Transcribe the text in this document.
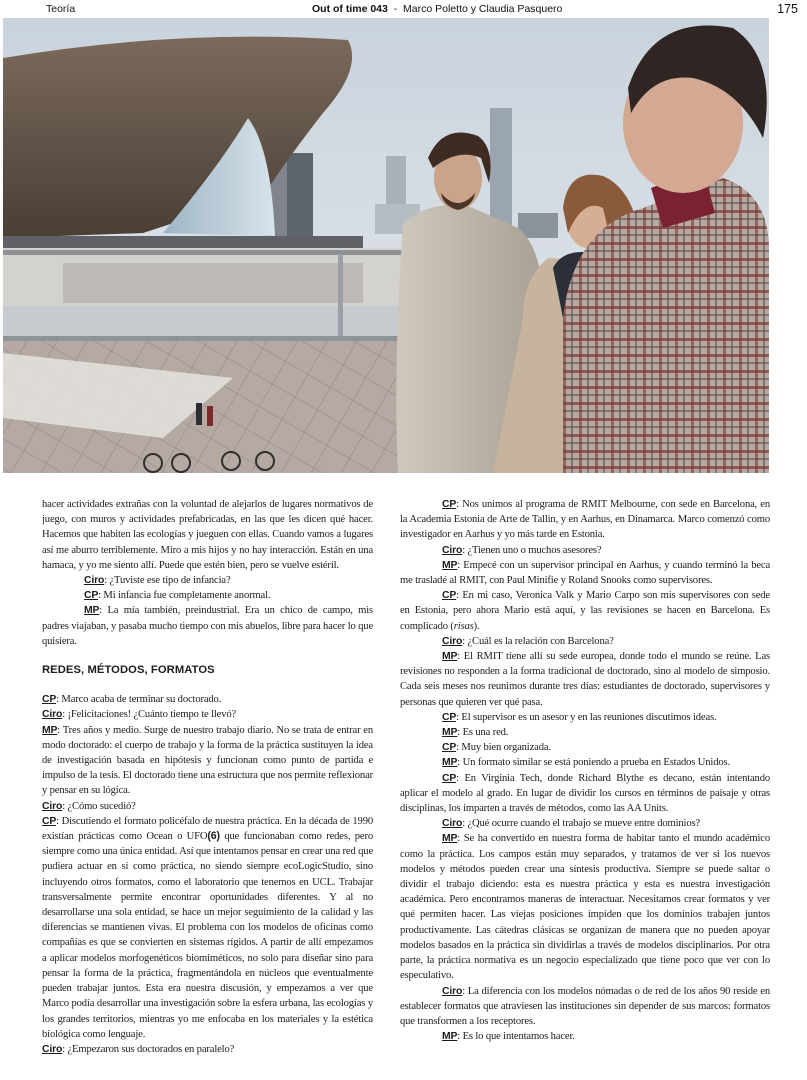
Teoría	Out of time 043 - Marco Poletto y Claudia Pasquero	175

hacer actividades extrañas con la voluntad de alejarlos de lugares normativos de juego, con muros y actividades prefabricadas, en las que les dicen qué hacer. Hacemos que habiten las ecologías y jueguen con ellas. Cuando vamos a lugares así me aburro terriblemente. Miro a mis hijos y no hay interacción. Están en una hamaca, y yo me siento allí. Puede que estén bien, pero se vuelve estéril.

Ciro: ¿Tuviste ese tipo de infancia?

CP: Mi infancia fue completamente anormal.

MP: La mía también, preindustrial. Era un chico de campo, mis padres viajaban, y pasaba mucho tiempo con mis abuelos, libre para hacer lo que quisiera.

REDES, MÉTODOS, FORMATOS

CP: Marco acaba de terminar su doctorado.

Ciro: ¡Felicitaciones! ¿Cuánto tiempo te llevó?

MP: Tres años y medio. Surge de nuestro trabajo diario. No se trata de entrar en modo doctorado: el cuerpo de trabajo y la forma de la práctica sustituyen la idea de investigación basada en hipótesis y funcionan como punto de partida e impulso de la tesis. El doctorado tiene una estructura que nos permite reflexionar y pensar en su lógica.

Ciro: ¿Cómo sucedió?

CP: Discutiendo el formato policéfalo de nuestra práctica. En la década de 1990 existían prácticas como Ocean o UFO(6) que funcionaban como redes, pero siempre como una única entidad. Así que intentamos pensar en crear una red que pudiera actuar en sí como práctica, no siendo siempre ecoLogicStudio, sino incluyendo otros formatos, como el laboratorio que tenemos en UCL. Trabajar transversalmente permite encontrar oportunidades diferentes. Y al no desarrollarse una sola entidad, se hace un mejor seguimiento de la calidad y las diferencias se mantienen vivas. El problema con los modelos de oficinas como compañías es que se convierten en sistemas rígidos. A partir de allí empezamos a aplicar modelos morfogenéticos biomiméticos, no solo para diseñar sino para pensar la forma de la práctica, fragmentándola en núcleos que eventualmente pueden trabajar juntos. Esta era nuestra discusión, y empezamos a ver que Marco podía desarrollar una investigación sobre la esfera urbana, las ecologías y los grandes territorios, mientras yo me enfocaba en los materiales y la estética biológica como lenguaje.

Ciro: ¿Empezaron sus doctorados en paralelo?

CP: Nos unimos al programa de RMIT Melbourne, con sede en Barcelona, en la Academia Estonia de Arte de Tallin, y en Aarhus, en Dinamarca. Marco comenzó como investigador en Aarhus y yo más tarde en Estonia.

Ciro: ¿Tienen uno o muchos asesores?

MP: Empecé con un supervisor principal en Aarhus, y cuando terminó la beca me trasladé al RMIT, con Paul Minifie y Roland Snooks como supervisores.

CP: En mi caso, Veronica Valk y Mario Carpo son mis supervisores con sede en Estonia, pero ahora Mario está aquí, y las revisiones se hacen en Barcelona. Es complicado (risas).

Ciro: ¿Cuál es la relación con Barcelona?

MP: El RMIT tiene allí su sede europea, donde todo el mundo se reúne. Las revisiones no responden a la forma tradicional de doctorado, sino al modelo de simposio. Cada seis meses nos reunimos durante tres días: estudiantes de doctorado, supervisores y personas que quieren ver qué pasa.

CP: El supervisor es un asesor y en las reuniones discutimos ideas.

MP: Es una red.

CP: Muy bien organizada.

MP: Un formato similar se está poniendo a prueba en Estados Unidos.

CP: En Virginia Tech, donde Richard Blythe es decano, están intentando aplicar el modelo al grado. En lugar de dividir los cursos en términos de paisaje y otras disciplinas, los imparten a través de métodos, como las AA Units.

Ciro: ¿Qué ocurre cuando el trabajo se mueve entre dominios?

MP: Se ha convertido en nuestra forma de habitar tanto el mundo académico como la práctica. Los campos están muy separados, y tratamos de ver si los nuevos modelos y métodos pueden crear una síntesis productiva. Siempre se puede saltar o dividir el trabajo diciendo: esta es nuestra práctica y esta es nuestra investigación académica. Pero encontramos maneras de interactuar. Necesitamos crear formatos y ver qué permiten hacer. Las viejas posiciones impiden que los dominios trabajen juntos productivamente. Las cátedras clásicas se organizan de manera que no pueden apoyar modelos basados en la práctica sin dividirlas a través de modelos disciplinarios. Por otra parte, la práctica normativa es un negocio especializado que tiene poco que ver con lo especulativo.

Ciro: La diferencia con los modelos nómadas o de red de los años 90 reside en establecer formatos que atraviesen las instituciones sin depender de sus marcos: formatos que transformen a los receptores.

MP: Es lo que intentamos hacer.
